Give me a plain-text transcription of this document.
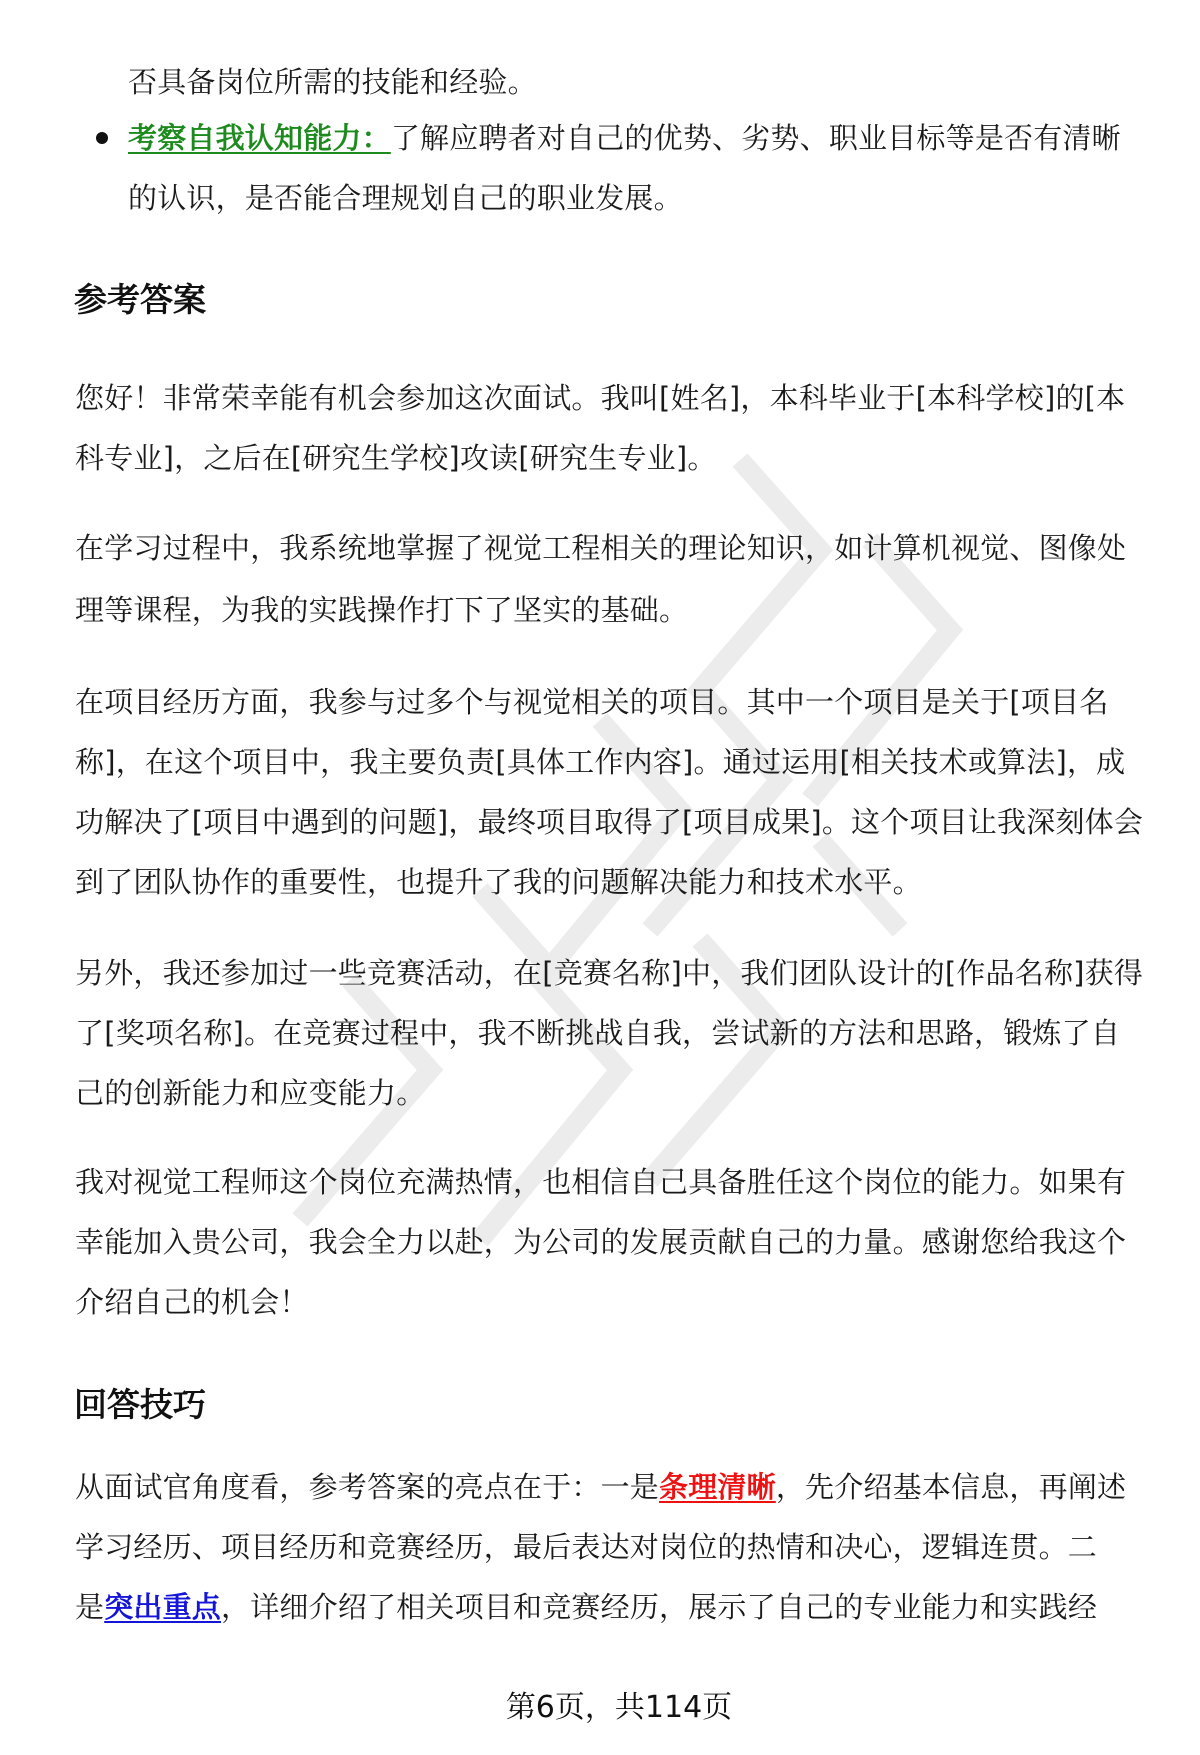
否具备岗位所需的技能和经验。
考察自我认知能力：了解应聘者对自己的优势、劣势、职业目标等是否有清晰
的认识，是否能合理规划自己的职业发展。
参考答案
您好！非常荣幸能有机会参加这次面试。我叫[姓名]，本科毕业于[本科学校]的[本
科专业]，之后在[研究生学校]攻读[研究生专业]。
在学习过程中，我系统地掌握了视觉工程相关的理论知识，如计算机视觉、图像处
理等课程，为我的实践操作打下了坚实的基础。
在项目经历方面，我参与过多个与视觉相关的项目。其中一个项目是关于[项目名
称]，在这个项目中，我主要负责[具体工作内容]。通过运用[相关技术或算法]，成
功解决了[项目中遇到的问题]，最终项目取得了[项目成果]。这个项目让我深刻体会
到了团队协作的重要性，也提升了我的问题解决能力和技术水平。
另外，我还参加过一些竞赛活动，在[竞赛名称]中，我们团队设计的[作品名称]获得
了[奖项名称]。在竞赛过程中，我不断挑战自我，尝试新的方法和思路，锻炼了自
己的创新能力和应变能力。
我对视觉工程师这个岗位充满热情，也相信自己具备胜任这个岗位的能力。如果有
幸能加入贵公司，我会全力以赴，为公司的发展贡献自己的力量。感谢您给我这个
介绍自己的机会！
回答技巧
从面试官角度看，参考答案的亮点在于：一是条理清晰，先介绍基本信息，再阐述
学习经历、项目经历和竞赛经历，最后表达对岗位的热情和决心，逻辑连贯。二
是突出重点，详细介绍了相关项目和竞赛经历，展示了自己的专业能力和实践经
第6页，共114页
